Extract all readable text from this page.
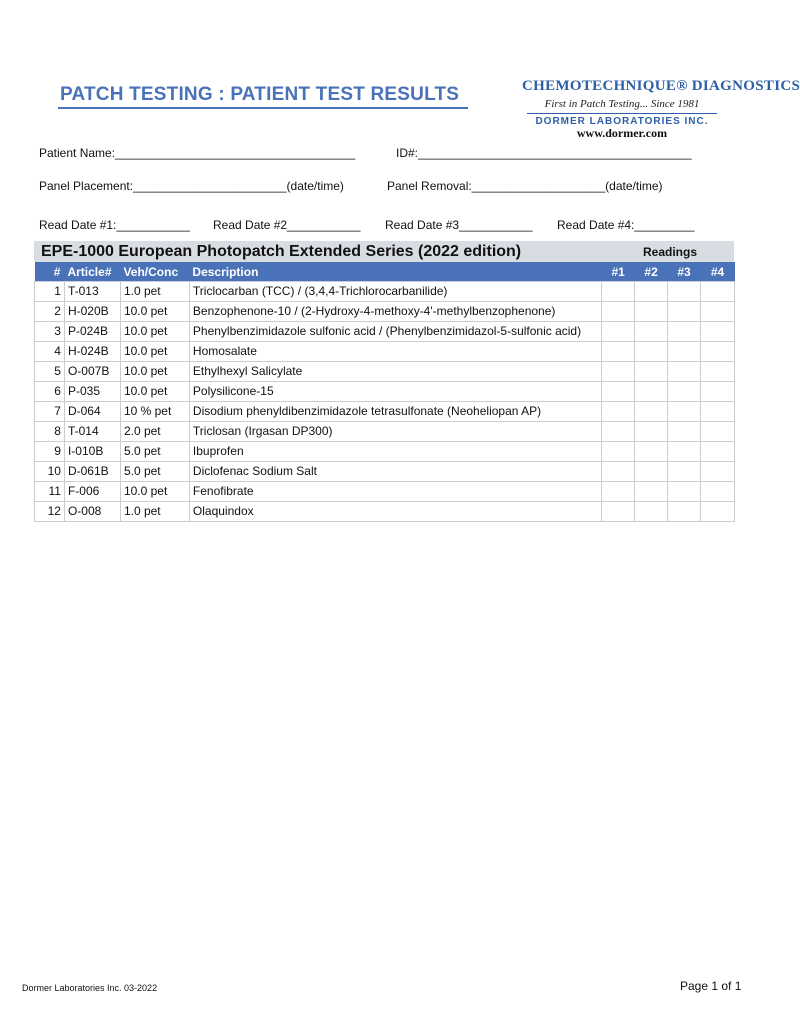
PATCH TESTING : PATIENT TEST RESULTS	CHEMOTECHNIQUE® DIAGNOSTICS
First in Patch Testing... Since 1981
DORMER LABORATORIES INC.
www.dormer.com
Patient Name:____________________________________	ID#:_________________________________________
Panel Placement:_______________________(date/time)	Panel Removal:____________________(date/time)
Read Date #1:___________ Read Date #2___________ Read Date #3___________ Read Date #4:_________
EPE-1000 European Photopatch Extended Series (2022 edition)	Readings
#	Article#	Veh/Conc	Description	#1	#2	#3	#4
1	T-013	1.0 pet	Triclocarban (TCC) / (3,4,4-Trichlorocarbanilide)				
2	H-020B	10.0 pet	Benzophenone-10 / (2-Hydroxy-4-methoxy-4'-methylbenzophenone)				
3	P-024B	10.0 pet	Phenylbenzimidazole sulfonic acid / (Phenylbenzimidazol-5-sulfonic acid)				
4	H-024B	10.0 pet	Homosalate				
5	O-007B	10.0 pet	Ethylhexyl Salicylate				
6	P-035	10.0 pet	Polysilicone-15				
7	D-064	10 % pet	Disodium phenyldibenzimidazole tetrasulfonate (Neoheliopan AP)				
8	T-014	2.0 pet	Triclosan (Irgasan DP300)				
9	I-010B	5.0 pet	Ibuprofen				
10	D-061B	5.0 pet	Diclofenac Sodium Salt				
11	F-006	10.0 pet	Fenofibrate				
12	O-008	1.0 pet	Olaquindox				
Dormer Laboratories Inc. 03-2022	Page 1 of 1
